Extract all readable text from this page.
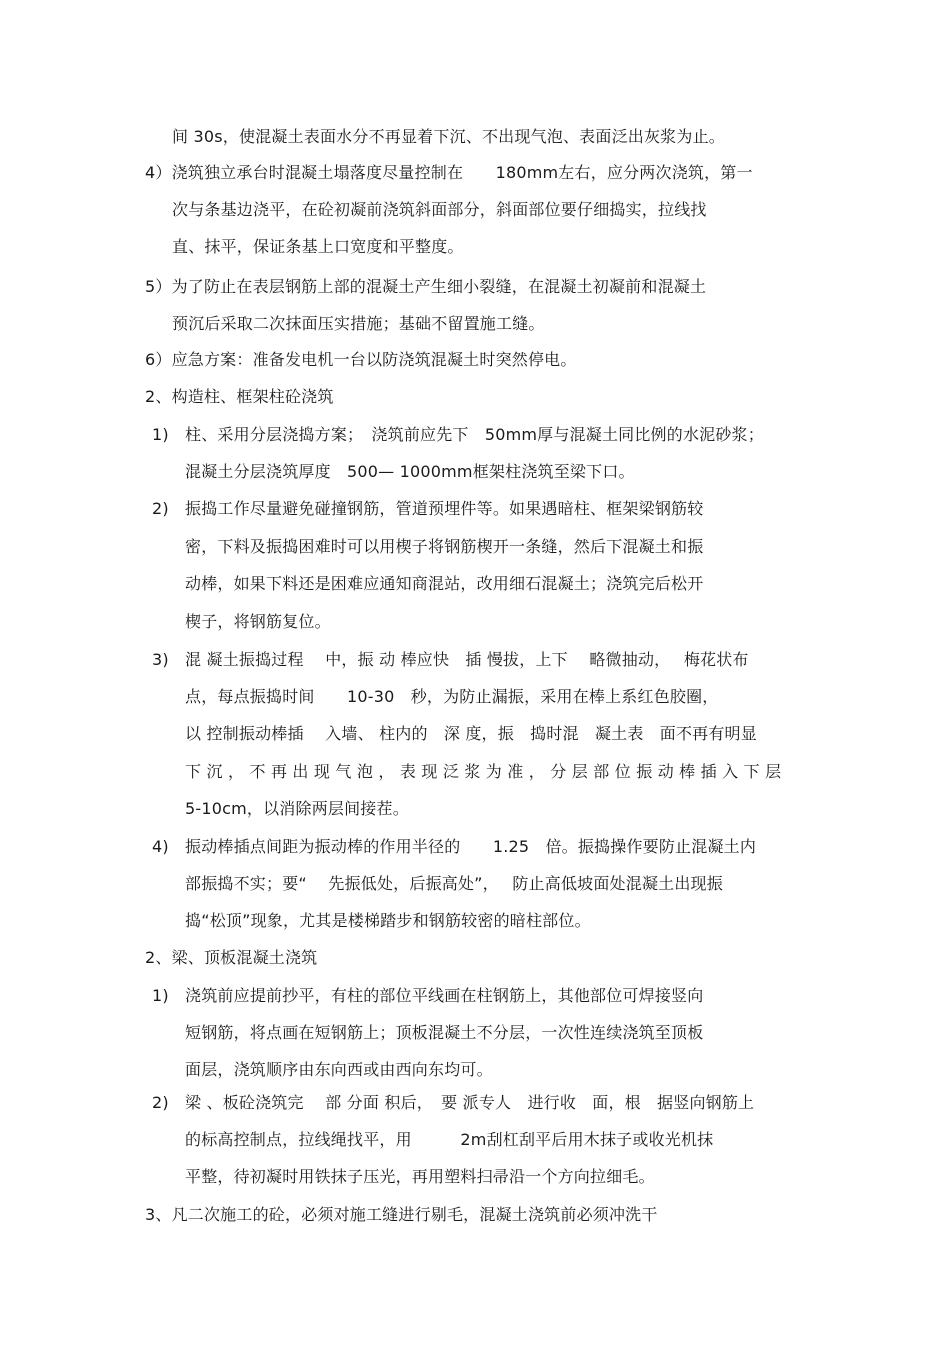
间 30s，使混凝土表面水分不再显着下沉、不出现气泡、表面泛出灰浆为止。
4）浇筑独立承台时混凝土塌落度尽量控制在　　180mm左右，应分两次浇筑，第一
次与条基边浇平，在砼初凝前浇筑斜面部分，斜面部位要仔细捣实，拉线找
直、抹平，保证条基上口宽度和平整度。
5）为了防止在表层钢筋上部的混凝土产生细小裂缝，在混凝土初凝前和混凝土
预沉后采取二次抹面压实措施；基础不留置施工缝。
6）应急方案：准备发电机一台以防浇筑混凝土时突然停电。
2、构造柱、框架柱砼浇筑
1)　柱、采用分层浇捣方案；　浇筑前应先下　50mm厚与混凝土同比例的水泥砂浆；
混凝土分层浇筑厚度　500— 1000mm框架柱浇筑至梁下口。
2)　振捣工作尽量避免碰撞钢筋，管道预埋件等。如果遇暗柱、框架梁钢筋较
密，下料及振捣困难时可以用楔子将钢筋楔开一条缝，然后下混凝土和振
动棒，如果下料还是困难应通知商混站，改用细石混凝土；浇筑完后松开
楔子，将钢筋复位。
3)　混 凝土振捣过程　 中，振 动 棒应快　插 慢拔，上下　 略微抽动，　 梅花状布
点，每点振捣时间　　10-30　秒，为防止漏振，采用在棒上系红色胶圈，
以 控制振动棒插　 入墙、 柱内的　深 度，振　捣时混　凝土表　面不再有明显
下 沉 ， 不 再 出 现 气 泡 ， 表 现 泛 浆 为 准 ， 分 层 部 位 振 动 棒 插 入 下 层
5-10cm，以消除两层间接茬。
4)　振动棒插点间距为振动棒的作用半径的　　1.25　倍。振捣操作要防止混凝土内
部振捣不实；要“　 先振低处，后振高处”，　 防止高低坡面处混凝土出现振
捣“松顶”现象，尤其是楼梯踏步和钢筋较密的暗柱部位。
2、梁、顶板混凝土浇筑
1)　浇筑前应提前抄平，有柱的部位平线画在柱钢筋上，其他部位可焊接竖向
短钢筋，将点画在短钢筋上；顶板混凝土不分层，一次性连续浇筑至顶板
面层，浇筑顺序由东向西或由西向东均可。
2)　梁 、板砼浇筑完　 部 分面 积后，　要 派专人　进行收　面，根　据竖向钢筋上
的标高控制点，拉线绳找平，用　　　2m刮杠刮平后用木抹子或收光机抹
平整，待初凝时用铁抹子压光，再用塑料扫帚沿一个方向拉细毛。
3、凡二次施工的砼，必须对施工缝进行剔毛，混凝土浇筑前必须冲洗干
